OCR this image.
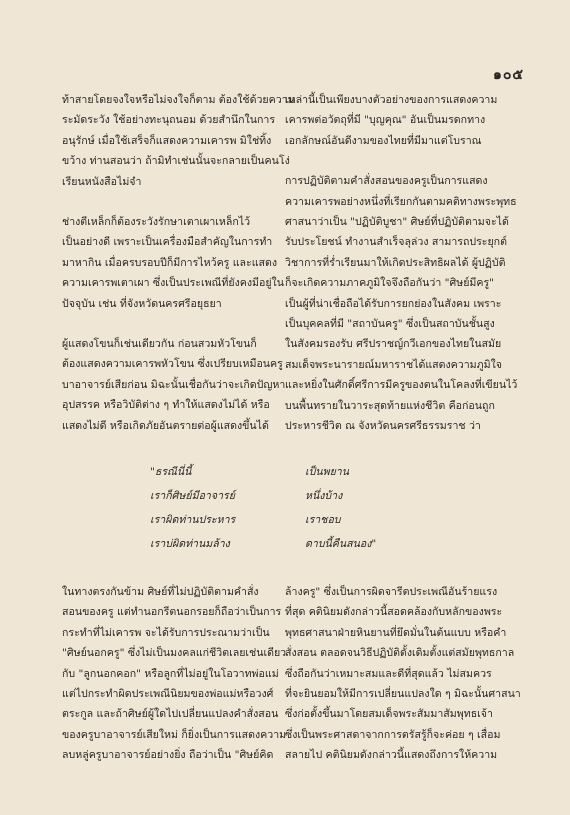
๑๐๕

ท้าสายโดยจงใจหรือไม่จงใจก็ตาม ต้องใช้ด้วยความ

ระมัดระวัง ใช้อย่างทะนุถนอม ด้วยสำนึกในการ

อนุรักษ์ เมื่อใช้เสร็จก็แสดงความเคารพ มิใช่ทิ้ง

ขว้าง ท่านสอนว่า ถ้ามิทำเช่นนั้นจะกลายเป็นคนโง่

เรียนหนังสือไม่จำ

ช่างตีเหล็กก็ต้องระวังรักษาเตาเผาเหล็กไว้

เป็นอย่างดี เพราะเป็นเครื่องมือสำคัญในการทำ

มาหากิน เมื่อครบรอบปีก็มีการไหว้ครู และแสดง

ความเคารพเตาเผา ซึ่งเป็นประเพณีที่ยังคงมีอยู่ใน

ปัจจุบัน เช่น ที่จังหวัดนครศรีอยุธยา

ผู้แสดงโขนก็เช่นเดียวกัน ก่อนสวมหัวโขนก็

ต้องแสดงความเคารพหัวโขน ซึ่งเปรียบเหมือนครู

บาอาจารย์เสียก่อน มิฉะนั้นเชื่อกันว่าจะเกิดปัญหา

อุปสรรค หรือวิบัติต่าง ๆ ทำให้แสดงไม่ได้ หรือ

แสดงไม่ดี หรือเกิดภัยอันตรายต่อผู้แสดงขึ้นได้

เหล่านี้เป็นเพียงบางตัวอย่างของการแสดงความ

เคารพต่อวัตถุที่มี "บุญคุณ" อันเป็นมรดกทาง

เอกลักษณ์อันดีงามของไทยที่มีมาแต่โบราณ

การปฏิบัติตามคำสั่งสอนของครูเป็นการแสดง

ความเคารพอย่างหนึ่งที่เรียกกันตามคติทางพระพุทธ

ศาสนาว่าเป็น "ปฏิบัติบูชา" ศิษย์ที่ปฏิบัติตามจะได้

รับประโยชน์ ทำงานสำเร็จลุล่วง สามารถประยุกต์

วิชาการที่ร่ำเรียนมาให้เกิดประสิทธิผลได้ ผู้ปฏิบัติ

ก็จะเกิดความภาคภูมิใจจึงถือกันว่า "ศิษย์มีครู"

เป็นผู้ที่น่าเชื่อถือได้รับการยกย่องในสังคม เพราะ

เป็นบุคคลที่มี "สถาบันครู" ซึ่งเป็นสถาบันชั้นสูง

ในสังคมรองรับ ศรีปราชญ์กวีเอกของไทยในสมัย

สมเด็จพระนารายณ์มหาราชได้แสดงความภูมิใจ

และหยิ่งในศักดิ์ศรีการมีครูของตนในโคลงที่เขียนไว้

บนพื้นทรายในวาระสุดท้ายแห่งชีวิต คือก่อนถูก

ประหารชีวิต ณ จังหวัดนครศรีธรรมราช ว่า

"ธรณีนี่นี้

เราก็ศิษย์มีอาจารย์

เราผิดท่านประหาร

เราบ่ผิดท่านมล้าง

เป็นพยาน

หนึ่งบ้าง

เราชอบ

ดาบนี้คืนสนอง"

ในทางตรงกันข้าม ศิษย์ที่ไม่ปฏิบัติตามคำสั่ง

สอนของครู แต่ทำนอกรีตนอกรอยก็ถือว่าเป็นการ

กระทำที่ไม่เคารพ จะได้รับการประณามว่าเป็น

"ศิษย์นอกครู" ซึ่งไม่เป็นมงคลแก่ชีวิตเลยเช่นเดียว

กับ "ลูกนอกคอก" หรือลูกที่ไม่อยู่ในโอวาทพ่อแม่

แต่ไปกระทำผิดประเพณีนิยมของพ่อแม่หรือวงศ์

ตระกูล และถ้าศิษย์ผู้ใดไปเปลี่ยนแปลงคำสั่งสอน

ของครูบาอาจารย์เสียใหม่ ก็ยิ่งเป็นการแสดงความ

ลบหลู่ครูบาอาจารย์อย่างยิ่ง ถือว่าเป็น "ศิษย์คิด

ล้างครู" ซึ่งเป็นการผิดจารีตประเพณีอันร้ายแรง

ที่สุด คตินิยมดังกล่าวนี้สอดคล้องกับหลักของพระ

พุทธศาสนาฝ่ายหินยานที่ยึดมั่นในต้นแบบ หรือคำ

สั่งสอน ตลอดจนวิธีปฏิบัติดั้งเดิมตั้งแต่สมัยพุทธกาล

ซึ่งถือกันว่าเหมาะสมและดีที่สุดแล้ว ไม่สมควร

ที่จะยินยอมให้มีการเปลี่ยนแปลงใด ๆ มิฉะนั้นศาสนา

ซึ่งก่อตั้งขึ้นมาโดยสมเด็จพระสัมมาสัมพุทธเจ้า

ซึ่งเป็นพระศาสดาจากการตรัสรู้ก็จะค่อย ๆ เสื่อม

สลายไป คตินิยมดังกล่าวนี้แสดงถึงการให้ความ
